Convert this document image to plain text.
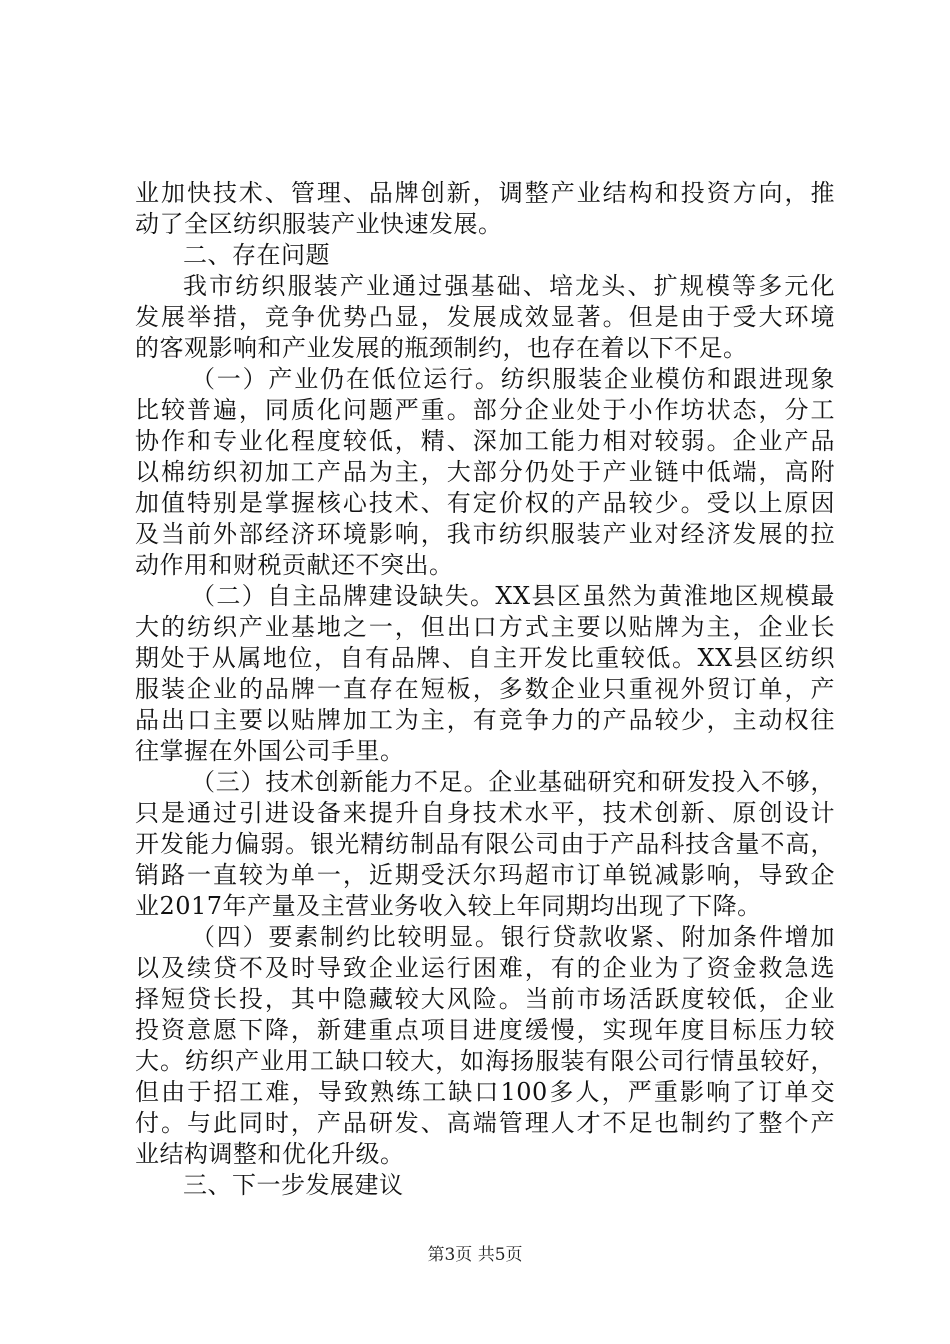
业加快技术、管理、品牌创新，调整产业结构和投资方向，推
动了全区纺织服装产业快速发展。
二、存在问题
我市纺织服装产业通过强基础、培龙头、扩规模等多元化
发展举措，竞争优势凸显，发展成效显著。但是由于受大环境
的客观影响和产业发展的瓶颈制约，也存在着以下不足。
（一）产业仍在低位运行。纺织服装企业模仿和跟进现象
比较普遍，同质化问题严重。部分企业处于小作坊状态，分工
协作和专业化程度较低，精、深加工能力相对较弱。企业产品
以棉纺织初加工产品为主，大部分仍处于产业链中低端，高附
加值特别是掌握核心技术、有定价权的产品较少。受以上原因
及当前外部经济环境影响，我市纺织服装产业对经济发展的拉
动作用和财税贡献还不突出。
（二）自主品牌建设缺失。XX县区虽然为黄淮地区规模最
大的纺织产业基地之一，但出口方式主要以贴牌为主，企业长
期处于从属地位，自有品牌、自主开发比重较低。XX县区纺织
服装企业的品牌一直存在短板，多数企业只重视外贸订单，产
品出口主要以贴牌加工为主，有竞争力的产品较少，主动权往
往掌握在外国公司手里。
（三）技术创新能力不足。企业基础研究和研发投入不够，
只是通过引进设备来提升自身技术水平，技术创新、原创设计
开发能力偏弱。银光精纺制品有限公司由于产品科技含量不高，
销路一直较为单一，近期受沃尔玛超市订单锐减影响，导致企
业2017年产量及主营业务收入较上年同期均出现了下降。
（四）要素制约比较明显。银行贷款收紧、附加条件增加
以及续贷不及时导致企业运行困难，有的企业为了资金救急选
择短贷长投，其中隐藏较大风险。当前市场活跃度较低，企业
投资意愿下降，新建重点项目进度缓慢，实现年度目标压力较
大。纺织产业用工缺口较大，如海扬服装有限公司行情虽较好，
但由于招工难，导致熟练工缺口100多人，严重影响了订单交
付。与此同时，产品研发、高端管理人才不足也制约了整个产
业结构调整和优化升级。
三、下一步发展建议
第3页 共5页
